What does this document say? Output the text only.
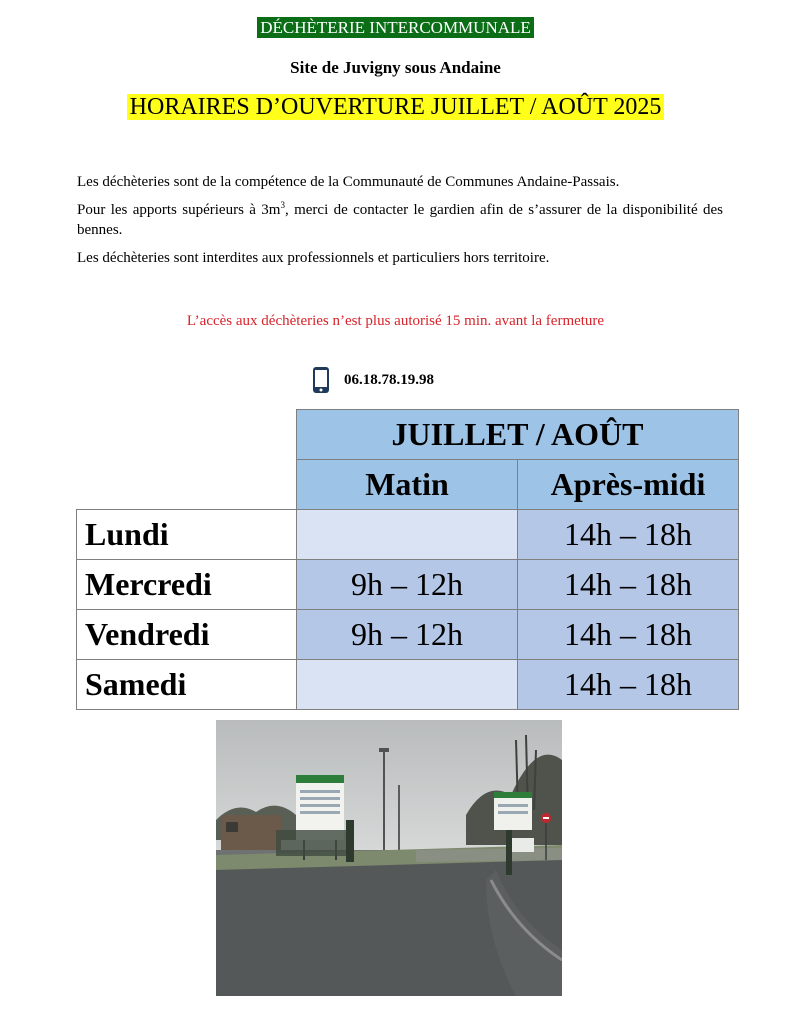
DÉCHÈTERIE INTERCOMMUNALE
Site de Juvigny sous Andaine
HORAIRES D’OUVERTURE JUILLET / AOÛT 2025

Les déchèteries sont de la compétence de la Communauté de Communes Andaine-Passais.

Pour les apports supérieurs à $3m^3$, merci de contacter le gardien afin de s’assurer de la disponibilité des bennes.

Les déchèteries sont interdites aux professionnels et particuliers hors territoire.

L’accès aux déchèteries n’est plus autorisé 15 min. avant la fermeture
06.18.78.19.98
	JUILLET / AOÛT	
	Matin	Après-midi
Lundi		14h – 18h
Mercredi	9h – 12h	14h – 18h
Vendredi	9h – 12h	14h – 18h
Samedi		14h – 18h
